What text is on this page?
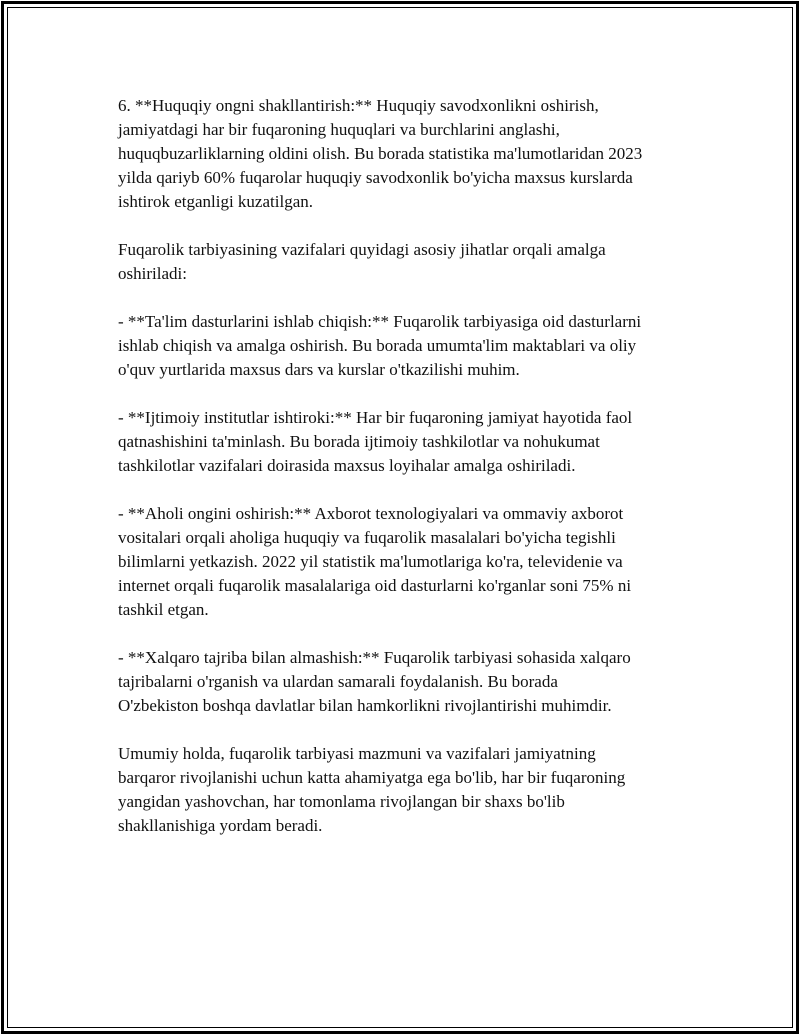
6. **Huquqiy ongni shakllantirish:** Huquqiy savodxonlikni oshirish,
jamiyatdagi har bir fuqaroning huquqlari va burchlarini anglashi,
huquqbuzarliklarning oldini olish. Bu borada statistika ma'lumotlaridan 2023
yilda qariyb 60% fuqarolar huquqiy savodxonlik bo'yicha maxsus kurslarda
ishtirok etganligi kuzatilgan.

Fuqarolik tarbiyasining vazifalari quyidagi asosiy jihatlar orqali amalga
oshiriladi:

- **Ta'lim dasturlarini ishlab chiqish:** Fuqarolik tarbiyasiga oid dasturlarni
ishlab chiqish va amalga oshirish. Bu borada umumta'lim maktablari va oliy
o'quv yurtlarida maxsus dars va kurslar o'tkazilishi muhim.

- **Ijtimoiy institutlar ishtiroki:** Har bir fuqaroning jamiyat hayotida faol
qatnashishini ta'minlash. Bu borada ijtimoiy tashkilotlar va nohukumat
tashkilotlar vazifalari doirasida maxsus loyihalar amalga oshiriladi.

- **Aholi ongini oshirish:** Axborot texnologiyalari va ommaviy axborot
vositalari orqali aholiga huquqiy va fuqarolik masalalari bo'yicha tegishli
bilimlarni yetkazish. 2022 yil statistik ma'lumotlariga ko'ra, televidenie va
internet orqali fuqarolik masalalariga oid dasturlarni ko'rganlar soni 75% ni
tashkil etgan.

- **Xalqaro tajriba bilan almashish:** Fuqarolik tarbiyasi sohasida xalqaro
tajribalarni o'rganish va ulardan samarali foydalanish. Bu borada
O'zbekiston boshqa davlatlar bilan hamkorlikni rivojlantirishi muhimdir.

Umumiy holda, fuqarolik tarbiyasi mazmuni va vazifalari jamiyatning
barqaror rivojlanishi uchun katta ahamiyatga ega bo'lib, har bir fuqaroning
yangidan yashovchan, har tomonlama rivojlangan bir shaxs bo'lib
shakllanishiga yordam beradi.
